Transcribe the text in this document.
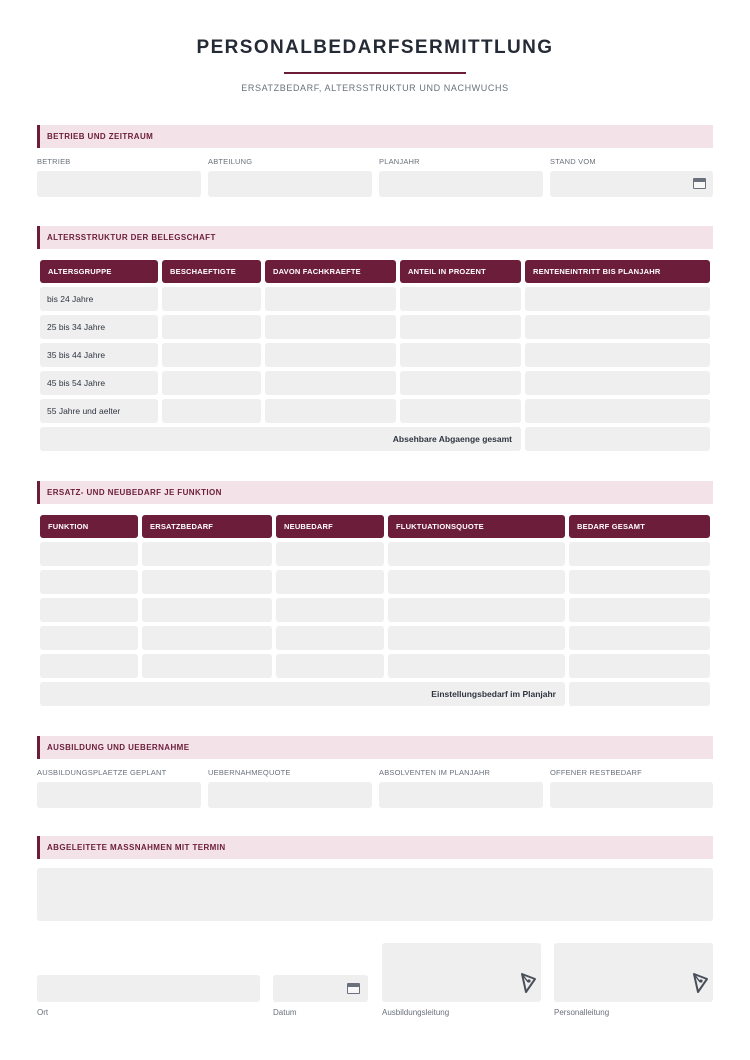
PERSONALBEDARFSERMITTLUNG
ERSATZBEDARF, ALTERSSTRUKTUR UND NACHWUCHS
BETRIEB UND ZEITRAUM
BETRIEB	ABTEILUNG	PLANJAHR	STAND VOM
ALTERSSTRUKTUR DER BELEGSCHAFT
ALTERSGRUPPE	BESCHAEFTIGTE	DAVON FACHKRAEFTE	ANTEIL IN PROZENT	RENTENEINTRITT BIS PLANJAHR
bis 24 Jahre
25 bis 34 Jahre
35 bis 44 Jahre
45 bis 54 Jahre
55 Jahre und aelter
Absehbare Abgaenge gesamt
ERSATZ- UND NEUBEDARF JE FUNKTION
FUNKTION	ERSATZBEDARF	NEUBEDARF	FLUKTUATIONSQUOTE	BEDARF GESAMT
Einstellungsbedarf im Planjahr
AUSBILDUNG UND UEBERNAHME
AUSBILDUNGSPLAETZE GEPLANT	UEBERNAHMEQUOTE	ABSOLVENTEN IM PLANJAHR	OFFENER RESTBEDARF
ABGELEITETE MASSNAHMEN MIT TERMIN
Ort	Datum	Ausbildungsleitung	Personalleitung
